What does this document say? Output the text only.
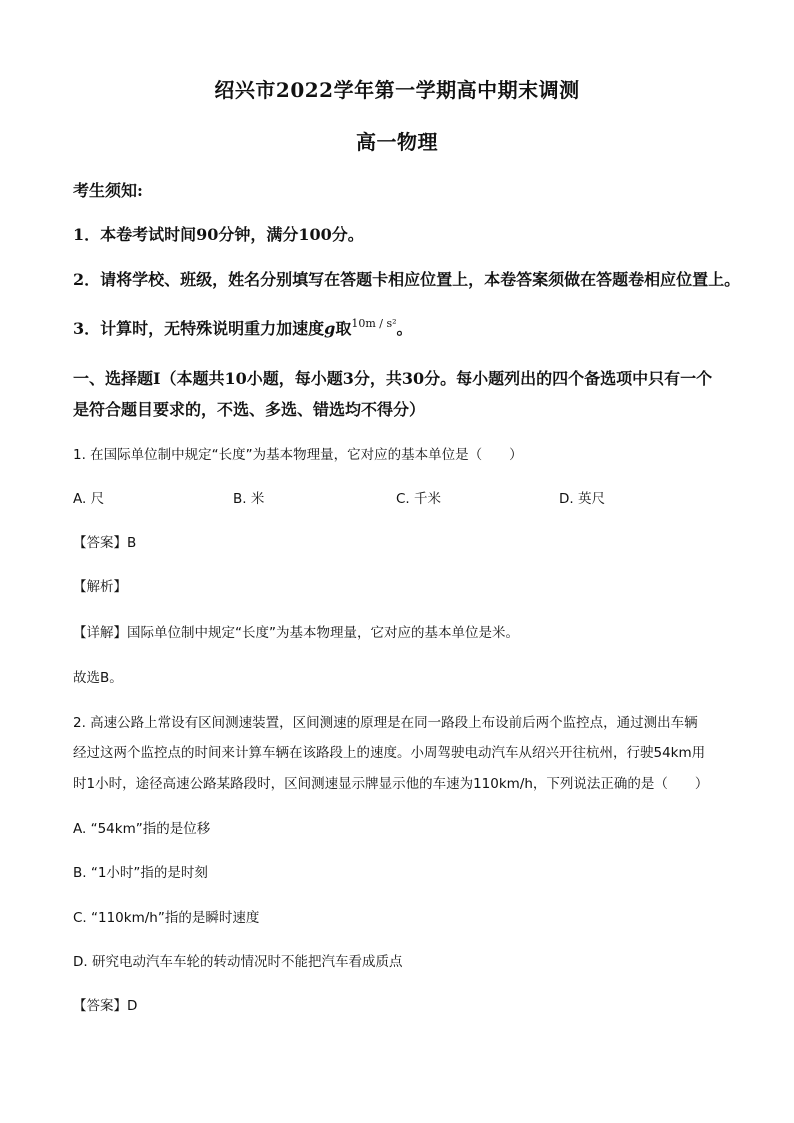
绍兴市2022学年第一学期高中期末调测
高一物理
考生须知:
1．本卷考试时间90分钟，满分100分。
2．请将学校、班级，姓名分别填写在答题卡相应位置上，本卷答案须做在答题卷相应位置上。
3．计算时，无特殊说明重力加速度g取$^{10m / s^2}$。
一、选择题Ⅰ（本题共10小题，每小题3分，共30分。每小题列出的四个备选项中只有一个
是符合题目要求的，不选、多选、错选均不得分）
1. 在国际单位制中规定“长度”为基本物理量，它对应的基本单位是（　　）
A. 尺	B. 米	C. 千米	D. 英尺
【答案】B
【解析】
【详解】国际单位制中规定“长度”为基本物理量，它对应的基本单位是米。
故选B。
2. 高速公路上常设有区间测速装置，区间测速的原理是在同一路段上布设前后两个监控点，通过测出车辆
经过这两个监控点的时间来计算车辆在该路段上的速度。小周驾驶电动汽车从绍兴开往杭州，行驶54km用
时1小时，途径高速公路某路段时，区间测速显示牌显示他的车速为110km/h，下列说法正确的是（　　）
A. “54km”指的是位移
B. “1小时”指的是时刻
C. “110km/h”指的是瞬时速度
D. 研究电动汽车车轮的转动情况时不能把汽车看成质点
【答案】D
